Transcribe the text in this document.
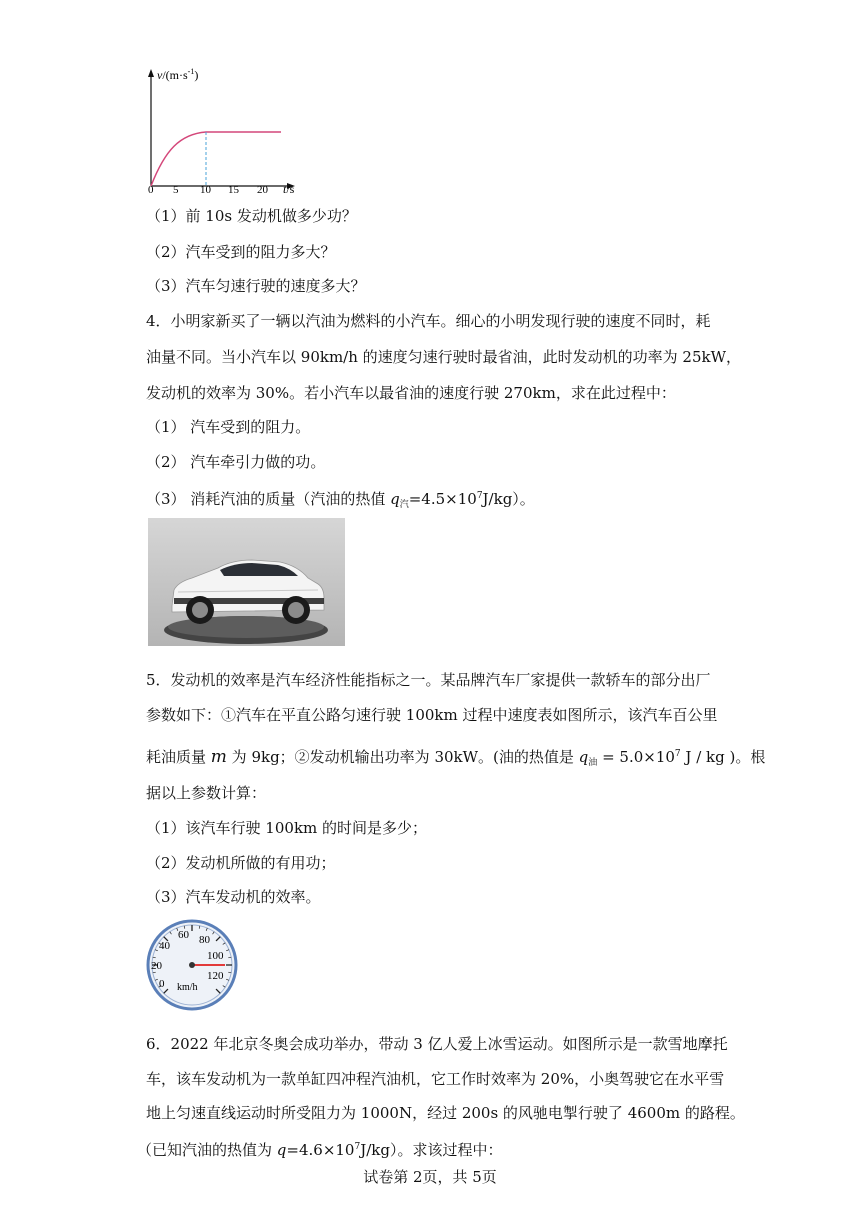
$v/(m\cdot s^{-1})$
0 5 10 15 20 t/s
（1）前 10s 发动机做多少功？
（2）汽车受到的阻力多大？
（3）汽车匀速行驶的速度多大？
4．小明家新买了一辆以汽油为燃料的小汽车。细心的小明发现行驶的速度不同时，耗
油量不同。当小汽车以 90km/h 的速度匀速行驶时最省油，此时发动机的功率为 25kW，
发动机的效率为 30%。若小汽车以最省油的速度行驶 270km，求在此过程中：
（1） 汽车受到的阻力。
（2） 汽车牵引力做的功。
（3） 消耗汽油的质量（汽油的热值 $q_汽=4.5\times 10^7J/kg$）。
5．发动机的效率是汽车经济性能指标之一。某品牌汽车厂家提供一款轿车的部分出厂
参数如下：①汽车在平直公路匀速行驶 100km 过程中速度表如图所示，该汽车百公里
耗油质量 m 为 9kg；②发动机输出功率为 30kW。(油的热值是 $q_油 = 5.0\times 10^7$ J / kg )。根
据以上参数计算：
（1）该汽车行驶 100km 的时间是多少；
（2）发动机所做的有用功；
（3）汽车发动机的效率。
0
20
40
60 80
100
120
km/h
6．2022 年北京冬奥会成功举办，带动 3 亿人爱上冰雪运动。如图所示是一款雪地摩托
车，该车发动机为一款单缸四冲程汽油机，它工作时效率为 20%，小奥驾驶它在水平雪
地上匀速直线运动时所受阻力为 1000N，经过 200s 的风驰电掣行驶了 4600m 的路程。
（已知汽油的热值为 $q=4.6\times 10^7J/kg$）。求该过程中：
试卷第 2页，共 5页
